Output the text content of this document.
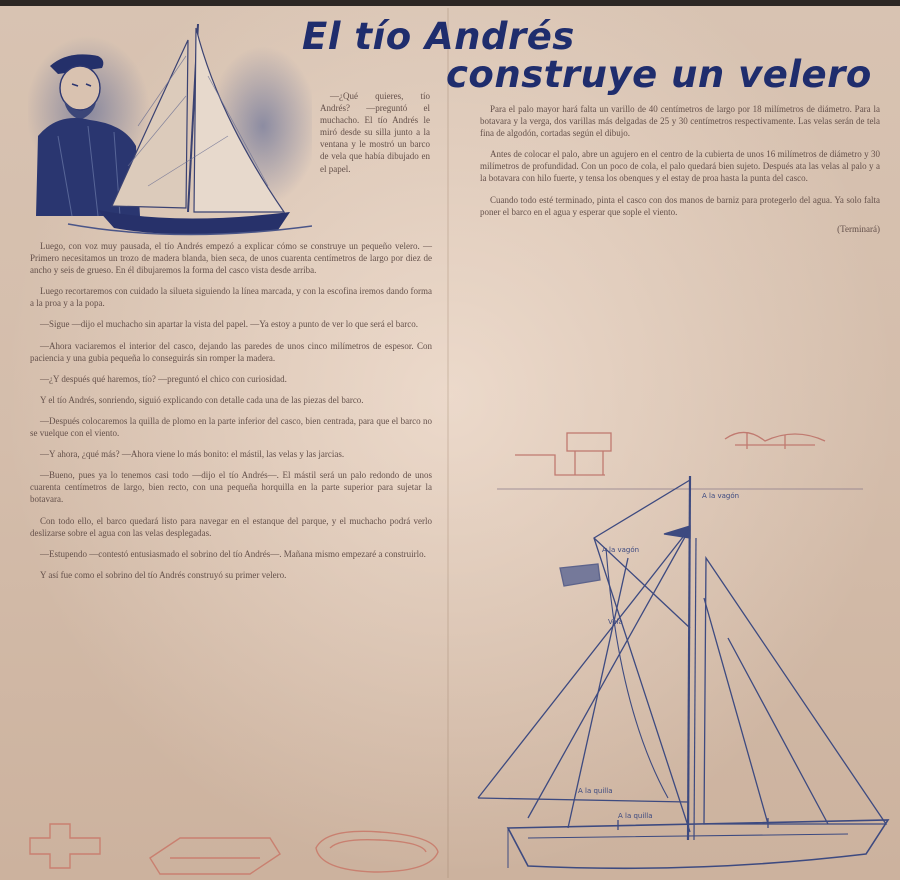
El tío Andrés
construye un velero

—¿Qué quieres, tío Andrés? —preguntó el muchacho. El tío Andrés le miró desde su silla junto a la ventana y le mostró un barco de vela que había dibujado en el papel.

Luego, con voz muy pausada, el tío Andrés empezó a explicar cómo se construye un pequeño velero. —Primero necesitamos un trozo de madera blanda, bien seca, de unos cuarenta centímetros de largo por diez de ancho y seis de grueso. En él dibujaremos la forma del casco vista desde arriba.

Luego recortaremos con cuidado la silueta siguiendo la línea marcada, y con la escofina iremos dando forma a la proa y a la popa.

—Sigue —dijo el muchacho sin apartar la vista del papel. —Ya estoy a punto de ver lo que será el barco.

—Ahora vaciaremos el interior del casco, dejando las paredes de unos cinco milímetros de espesor. Con paciencia y una gubia pequeña lo conseguirás sin romper la madera.

—¿Y después qué haremos, tío? —preguntó el chico con curiosidad.

Y el tío Andrés, sonriendo, siguió explicando con detalle cada una de las piezas del barco.

—Después colocaremos la quilla de plomo en la parte inferior del casco, bien centrada, para que el barco no se vuelque con el viento.

—Y ahora, ¿qué más? —Ahora viene lo más bonito: el mástil, las velas y las jarcias.

—Bueno, pues ya lo tenemos casi todo —dijo el tío Andrés—. El mástil será un palo redondo de unos cuarenta centímetros de largo, bien recto, con una pequeña horquilla en la parte superior para sujetar la botavara.

Con todo ello, el barco quedará listo para navegar en el estanque del parque, y el muchacho podrá verlo deslizarse sobre el agua con las velas desplegadas.

—Estupendo —contestó entusiasmado el sobrino del tío Andrés—. Mañana mismo empezaré a construirlo.

Y así fue como el sobrino del tío Andrés construyó su primer velero.

Para el palo mayor hará falta un varillo de 40 centímetros de largo por 18 milímetros de diámetro. Para la botavara y la verga, dos varillas más delgadas de 25 y 30 centímetros respectivamente. Las velas serán de tela fina de algodón, cortadas según el dibujo.

Antes de colocar el palo, abre un agujero en el centro de la cubierta de unos 16 milímetros de diámetro y 30 milímetros de profundidad. Con un poco de cola, el palo quedará bien sujeto. Después ata las velas al palo y a la botavara con hilo fuerte, y tensa los obenques y el estay de proa hasta la punta del casco.

Cuando todo esté terminado, pinta el casco con dos manos de barniz para protegerlo del agua. Ya solo falta poner el barco en el agua y esperar que sople el viento.

(Terminará)

A la vagón
A la vagón
Vela
A la quilla
A la quilla
